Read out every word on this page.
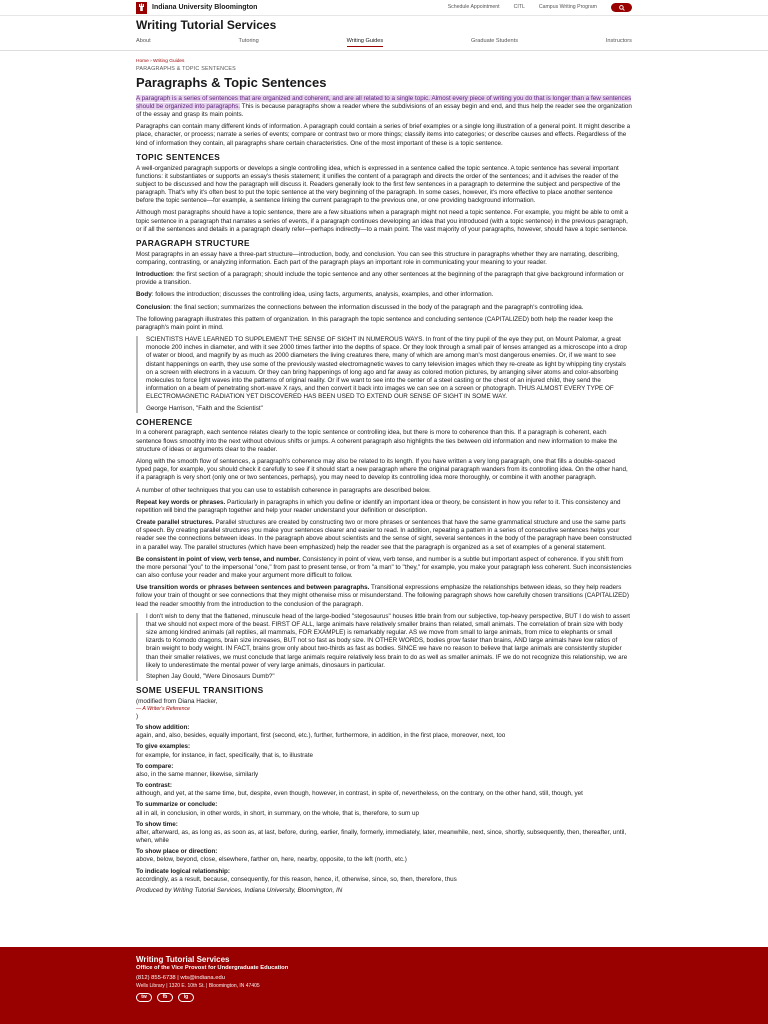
Indiana University Bloomington	Schedule Appointment	CITL	Campus Writing Program
Writing Tutorial Services
About	Tutoring	Writing Guides	Graduate Students	Instructors
Home › Writing Guides
PARAGRAPHS & TOPIC SENTENCES
Paragraphs & Topic Sentences

A paragraph is a series of sentences that are organized and coherent, and are all related to a single topic. Almost every piece of writing you do that is longer than a few sentences should be organized into paragraphs. This is because paragraphs show a reader where the subdivisions of an essay begin and end, and thus help the reader see the organization of the essay and grasp its main points.

Paragraphs can contain many different kinds of information. A paragraph could contain a series of brief examples or a single long illustration of a general point. It might describe a place, character, or process; narrate a series of events; compare or contrast two or more things; classify items into categories; or describe causes and effects. Regardless of the kind of information they contain, all paragraphs share certain characteristics. One of the most important of these is a topic sentence.

TOPIC SENTENCES

A well-organized paragraph supports or develops a single controlling idea, which is expressed in a sentence called the topic sentence. A topic sentence has several important functions: it substantiates or supports an essay's thesis statement; it unifies the content of a paragraph and directs the order of the sentences; and it advises the reader of the subject to be discussed and how the paragraph will discuss it. Readers generally look to the first few sentences in a paragraph to determine the subject and perspective of the paragraph. That's why it's often best to put the topic sentence at the very beginning of the paragraph. In some cases, however, it's more effective to place another sentence before the topic sentence—for example, a sentence linking the current paragraph to the previous one, or one providing background information.

Although most paragraphs should have a topic sentence, there are a few situations when a paragraph might not need a topic sentence. For example, you might be able to omit a topic sentence in a paragraph that narrates a series of events, if a paragraph continues developing an idea that you introduced (with a topic sentence) in the previous paragraph, or if all the sentences and details in a paragraph clearly refer—perhaps indirectly—to a main point. The vast majority of your paragraphs, however, should have a topic sentence.

PARAGRAPH STRUCTURE

Most paragraphs in an essay have a three-part structure—introduction, body, and conclusion. You can see this structure in paragraphs whether they are narrating, describing, comparing, contrasting, or analyzing information. Each part of the paragraph plays an important role in communicating your meaning to your reader.

Introduction: the first section of a paragraph; should include the topic sentence and any other sentences at the beginning of the paragraph that give background information or provide a transition.

Body: follows the introduction; discusses the controlling idea, using facts, arguments, analysis, examples, and other information.

Conclusion: the final section; summarizes the connections between the information discussed in the body of the paragraph and the paragraph's controlling idea.

The following paragraph illustrates this pattern of organization. In this paragraph the topic sentence and concluding sentence (CAPITALIZED) both help the reader keep the paragraph's main point in mind.

SCIENTISTS HAVE LEARNED TO SUPPLEMENT THE SENSE OF SIGHT IN NUMEROUS WAYS. In front of the tiny pupil of the eye they put, on Mount Palomar, a great monocle 200 inches in diameter, and with it see 2000 times farther into the depths of space. Or they look through a small pair of lenses arranged as a microscope into a drop of water or blood, and magnify by as much as 2000 diameters the living creatures there, many of which are among man's most dangerous enemies. Or, if we want to see distant happenings on earth, they use some of the previously wasted electromagnetic waves to carry television images which they re-create as light by whipping tiny crystals on a screen with electrons in a vacuum. Or they can bring happenings of long ago and far away as colored motion pictures, by arranging silver atoms and color-absorbing molecules to force light waves into the patterns of original reality. Or if we want to see into the center of a steel casting or the chest of an injured child, they send the information on a beam of penetrating short-wave X rays, and then convert it back into images we can see on a screen or photograph. THUS ALMOST EVERY TYPE OF ELECTROMAGNETIC RADIATION YET DISCOVERED HAS BEEN USED TO EXTEND OUR SENSE OF SIGHT IN SOME WAY.

George Harrison, "Faith and the Scientist"

COHERENCE

In a coherent paragraph, each sentence relates clearly to the topic sentence or controlling idea, but there is more to coherence than this. If a paragraph is coherent, each sentence flows smoothly into the next without obvious shifts or jumps. A coherent paragraph also highlights the ties between old information and new information to make the structure of ideas or arguments clear to the reader.

Along with the smooth flow of sentences, a paragraph's coherence may also be related to its length. If you have written a very long paragraph, one that fills a double-spaced typed page, for example, you should check it carefully to see if it should start a new paragraph where the original paragraph wanders from its controlling idea. On the other hand, if a paragraph is very short (only one or two sentences, perhaps), you may need to develop its controlling idea more thoroughly, or combine it with another paragraph.

A number of other techniques that you can use to establish coherence in paragraphs are described below.

Repeat key words or phrases. Particularly in paragraphs in which you define or identify an important idea or theory, be consistent in how you refer to it. This consistency and repetition will bind the paragraph together and help your reader understand your definition or description.

Create parallel structures. Parallel structures are created by constructing two or more phrases or sentences that have the same grammatical structure and use the same parts of speech. By creating parallel structures you make your sentences clearer and easier to read. In addition, repeating a pattern in a series of consecutive sentences helps your reader see the connections between ideas. In the paragraph above about scientists and the sense of sight, several sentences in the body of the paragraph have been constructed in a parallel way. The parallel structures (which have been emphasized) help the reader see that the paragraph is organized as a set of examples of a general statement.

Be consistent in point of view, verb tense, and number. Consistency in point of view, verb tense, and number is a subtle but important aspect of coherence. If you shift from the more personal "you" to the impersonal "one," from past to present tense, or from "a man" to "they," for example, you make your paragraph less coherent. Such inconsistencies can also confuse your reader and make your argument more difficult to follow.

Use transition words or phrases between sentences and between paragraphs. Transitional expressions emphasize the relationships between ideas, so they help readers follow your train of thought or see connections that they might otherwise miss or misunderstand. The following paragraph shows how carefully chosen transitions (CAPITALIZED) lead the reader smoothly from the introduction to the conclusion of the paragraph.

I don't wish to deny that the flattened, minuscule head of the large-bodied "stegosaurus" houses little brain from our subjective, top-heavy perspective, BUT I do wish to assert that we should not expect more of the beast. FIRST OF ALL, large animals have relatively smaller brains than related, small animals. The correlation of brain size with body size among kindred animals (all reptiles, all mammals, FOR EXAMPLE) is remarkably regular. AS we move from small to large animals, from mice to elephants or small lizards to Komodo dragons, brain size increases, BUT not so fast as body size. IN OTHER WORDS, bodies grow faster than brains, AND large animals have low ratios of brain weight to body weight. IN FACT, brains grow only about two-thirds as fast as bodies. SINCE we have no reason to believe that large animals are consistently stupider than their smaller relatives, we must conclude that large animals require relatively less brain to do as well as smaller animals. IF we do not recognize this relationship, we are likely to underestimate the mental power of very large animals, dinosaurs in particular.

Stephen Jay Gould, "Were Dinosaurs Dumb?"

SOME USEFUL TRANSITIONS
(modified from Diana Hacker,
— A Writer's Reference
)
To show addition:
again, and, also, besides, equally important, first (second, etc.), further, furthermore, in addition, in the first place, moreover, next, too
To give examples:
for example, for instance, in fact, specifically, that is, to illustrate
To compare:
also, in the same manner, likewise, similarly
To contrast:
although, and yet, at the same time, but, despite, even though, however, in contrast, in spite of, nevertheless, on the contrary, on the other hand, still, though, yet
To summarize or conclude:
all in all, in conclusion, in other words, in short, in summary, on the whole, that is, therefore, to sum up
To show time:
after, afterward, as, as long as, as soon as, at last, before, during, earlier, finally, formerly, immediately, later, meanwhile, next, since, shortly, subsequently, then, thereafter, until, when, while
To show place or direction:
above, below, beyond, close, elsewhere, farther on, here, nearby, opposite, to the left (north, etc.)
To indicate logical relationship:
accordingly, as a result, because, consequently, for this reason, hence, if, otherwise, since, so, then, therefore, thus
Produced by Writing Tutorial Services, Indiana University, Bloomington, IN
Writing Tutorial Services
Office of the Vice Provost for Undergraduate Education
(812) 855-6738 | wts@indiana.edu
Wells Library | 1320 E. 10th St. | Bloomington, IN 47405
tw	fb	ig
